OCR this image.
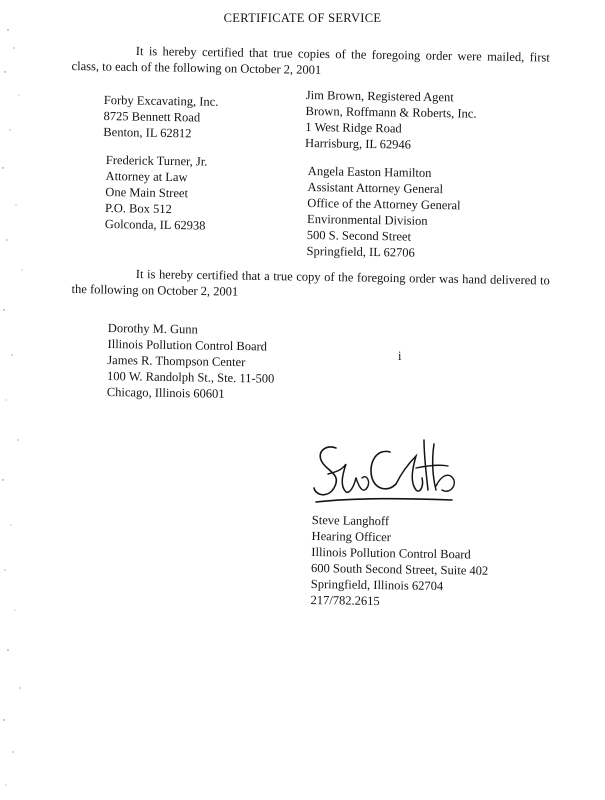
CERTIFICATE OF SERVICE
It is hereby certified that true copies of the foregoing order were mailed, first class, to each of the following on October 2, 2001
Forby Excavating, Inc.
8725 Bennett Road
Benton, IL 62812
Jim Brown, Registered Agent
Brown, Roffmann & Roberts, Inc.
1 West Ridge Road
Harrisburg, IL 62946
Frederick Turner, Jr.
Attorney at Law
One Main Street
P.O. Box 512
Golconda, IL 62938
Angela Easton Hamilton
Assistant Attorney General
Office of the Attorney General
Environmental Division
500 S. Second Street
Springfield, IL 62706
It is hereby certified that a true copy of the foregoing order was hand delivered to the following on October 2, 2001
Dorothy M. Gunn
Illinois Pollution Control Board
James R. Thompson Center
100 W. Randolph St., Ste. 11-500
Chicago, Illinois 60601
i
Steve Langhoff
Hearing Officer
Illinois Pollution Control Board
600 South Second Street, Suite 402
Springfield, Illinois 62704
217/782.2615
